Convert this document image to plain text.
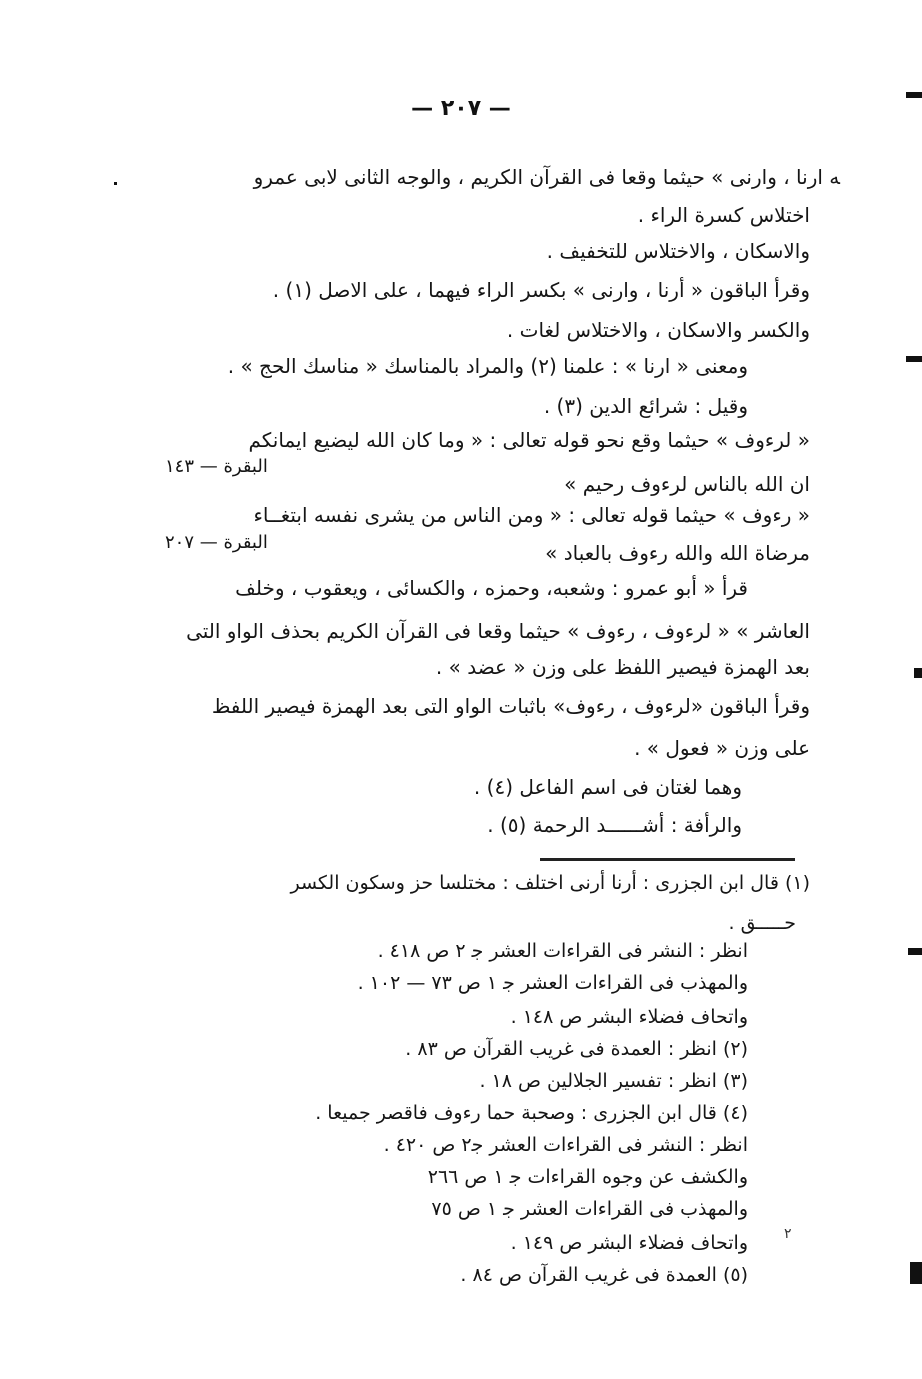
— ٢٠٧ —
ﻪ ارنا ، وارنى » حيثما وقعا فى القرآن الكريم ، والوجه الثانى لابى عمرو
اختلاس كسرة الراء .
والاسكان ، والاختلاس للتخفيف .
وقرأ الباقون « أرنا ، وارنى » بكسر الراء فيهما ، على الاصل (١) .
والكسر والاسكان ، والاختلاس لغات .
ومعنى « ارنا » : علمنا (٢) والمراد بالمناسك « مناسك الحج » .
وقيل : شرائع الدين (٣) .
« لرءوف » حيثما وقع نحو قوله تعالى : « وما كان الله ليضيع ايمانكم
ان الله بالناس لرءوف رحيم »
« رءوف » حيثما قوله تعالى : « ومن الناس من يشرى نفسه ابتغــاء
مرضاة الله والله رءوف بالعباد »
قرأ « أبو عمرو : وشعبه، وحمزه ، والكسائى ، ويعقوب ، وخلف
العاشر » « لرءوف ، رءوف » حيثما وقعا فى القرآن الكريم بحذف الواو التى
بعد الهمزة فيصير اللفظ على وزن « عضد » .
وقرأ الباقون «لرءوف ، رءوف» باثبات الواو التى بعد الهمزة فيصير اللفظ
على وزن « فعول » .
وهما لغتان فى اسم الفاعل (٤) .
والرأفة : أشــــــد الرحمة (٥) .
البقرة — ١٤٣
البقرة — ٢٠٧
(١) قال ابن الجزرى : أرنا أرنى اختلف : مختلسا حز وسكون الكسر
حـــــق .
انظر : النشر فى القراءات العشر ﺟ ٢ ص ٤١٨ .
والمهذب فى القراءات العشر ﺟ ١ ص ٧٣ — ١٠٢ .
واتحاف فضلاء البشر ص ١٤٨ .
(٢) انظر : العمدة فى غريب القرآن ص ٨٣ .
(٣) انظر : تفسير الجلالين ص ١٨ .
(٤) قال ابن الجزرى : وصحبة حما رءوف فاقصر جميعا .
انظر : النشر فى القراءات العشر ﺟ٢ ص ٤٢٠ .
والكشف عن وجوه القراءات ﺟ ١ ص ٢٦٦
والمهذب فى القراءات العشر ﺟ ١ ص ٧٥
واتحاف فضلاء البشر ص ١٤٩ .
(٥) العمدة فى غريب القرآن ص ٨٤ .
٢
